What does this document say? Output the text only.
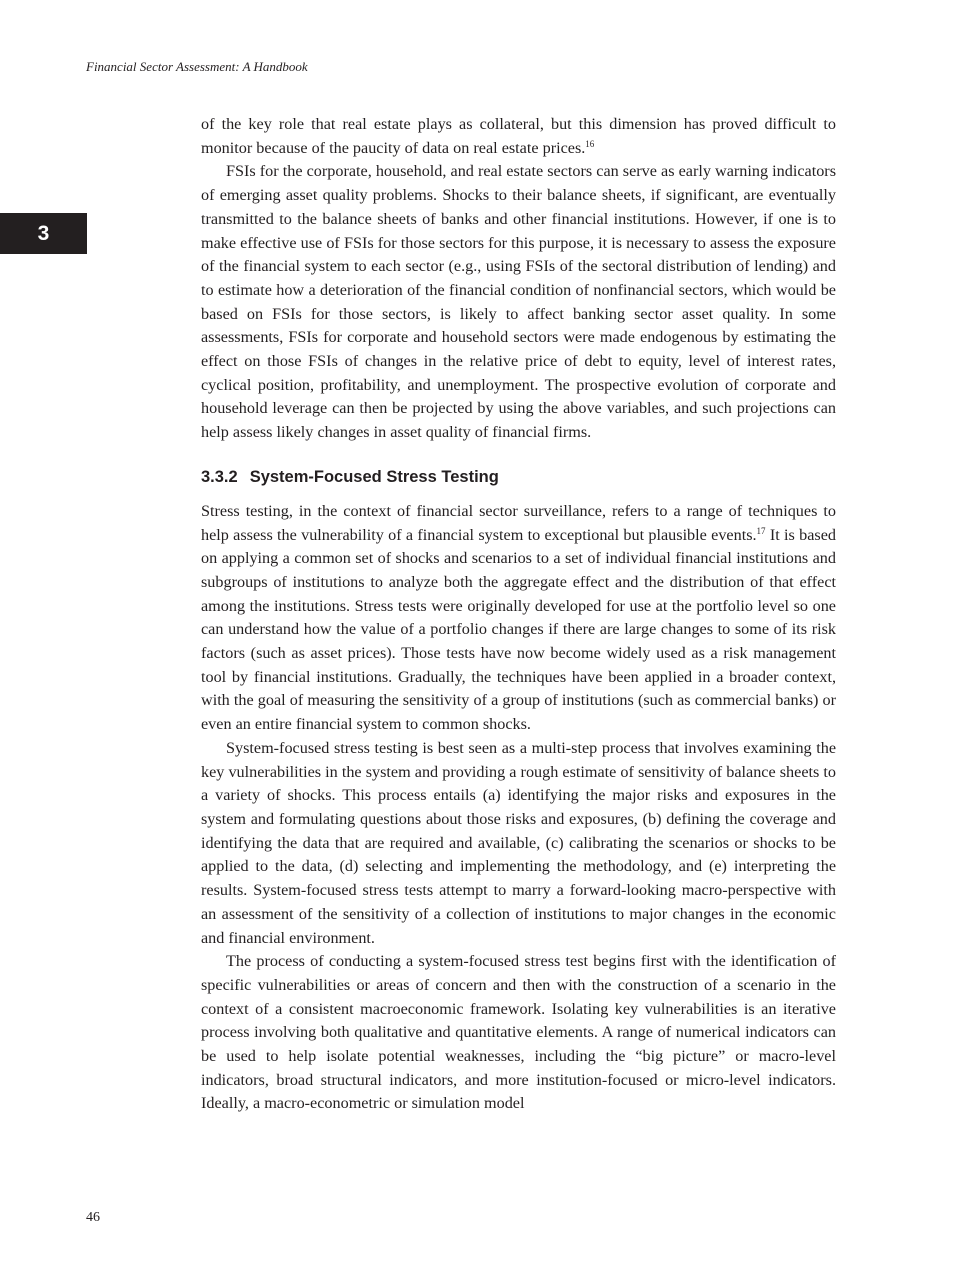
Financial Sector Assessment: A Handbook
3

of the key role that real estate plays as collateral, but this dimension has proved difficult to monitor because of the paucity of data on real estate prices.$^{16}$

FSIs for the corporate, household, and real estate sectors can serve as early warning indicators of emerging asset quality problems. Shocks to their balance sheets, if significant, are eventually transmitted to the balance sheets of banks and other financial institutions. However, if one is to make effective use of FSIs for those sectors for this purpose, it is necessary to assess the exposure of the financial system to each sector (e.g., using FSIs of the sectoral distribution of lending) and to estimate how a deterioration of the financial condition of nonfinancial sectors, which would be based on FSIs for those sectors, is likely to affect banking sector asset quality. In some assessments, FSIs for corporate and household sectors were made endogenous by estimating the effect on those FSIs of changes in the relative price of debt to equity, level of interest rates, cyclical position, profitability, and unemployment. The prospective evolution of corporate and household leverage can then be projected by using the above variables, and such projections can help assess likely changes in asset quality of financial firms.

3.3.2 System-Focused Stress Testing

Stress testing, in the context of financial sector surveillance, refers to a range of techniques to help assess the vulnerability of a financial system to exceptional but plausible events.$^{17}$ It is based on applying a common set of shocks and scenarios to a set of individual financial institutions and subgroups of institutions to analyze both the aggregate effect and the distribution of that effect among the institutions. Stress tests were originally developed for use at the portfolio level so one can understand how the value of a portfolio changes if there are large changes to some of its risk factors (such as asset prices). Those tests have now become widely used as a risk management tool by financial institutions. Gradually, the techniques have been applied in a broader context, with the goal of measuring the sensitivity of a group of institutions (such as commercial banks) or even an entire financial system to common shocks.

System-focused stress testing is best seen as a multi-step process that involves examining the key vulnerabilities in the system and providing a rough estimate of sensitivity of balance sheets to a variety of shocks. This process entails (a) identifying the major risks and exposures in the system and formulating questions about those risks and exposures, (b) defining the coverage and identifying the data that are required and available, (c) calibrating the scenarios or shocks to be applied to the data, (d) selecting and implementing the methodology, and (e) interpreting the results. System-focused stress tests attempt to marry a forward-looking macro-perspective with an assessment of the sensitivity of a collection of institutions to major changes in the economic and financial environment.

The process of conducting a system-focused stress test begins first with the identification of specific vulnerabilities or areas of concern and then with the construction of a scenario in the context of a consistent macroeconomic framework. Isolating key vulnerabilities is an iterative process involving both qualitative and quantitative elements. A range of numerical indicators can be used to help isolate potential weaknesses, including the “big picture” or macro-level indicators, broad structural indicators, and more institution-focused or micro-level indicators. Ideally, a macro-econometric or simulation model

46
